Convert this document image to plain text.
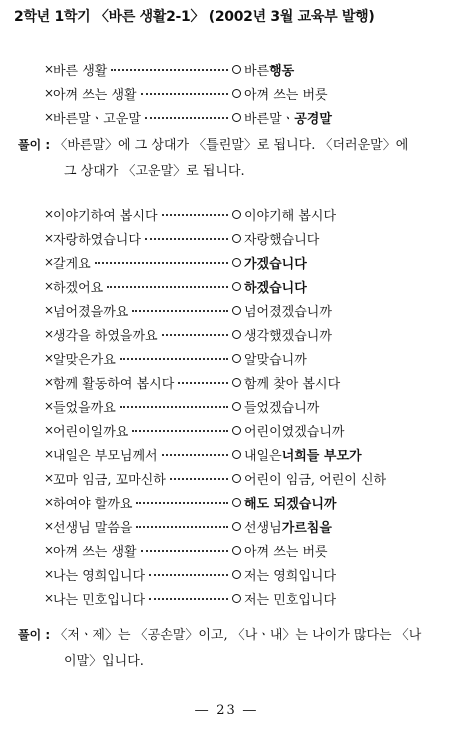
2학년 1학기 〈바른 생활2-1〉 (2002년 3월 교육부 발행)
×
바른 생활	바른 행동
×
아껴 쓰는 생활	아껴 쓰는 버릇
×
바른말ㆍ고운말	바른말ㆍ 공경말
풀이 : 〈바른말〉에 그 상대가 〈틀린말〉로 됩니다. 〈더러운말〉에
그 상대가 〈고운말〉로 됩니다.
×
이야기하여 봅시다	이야기해 봅시다
×
자랑하였습니다	자랑했습니다
×
갈게요	가겠습니다
×
하겠어요	하겠습니다
×
넘어졌을까요	넘어졌겠습니까
×
생각을 하였을까요	생각했겠습니까
×
알맞은가요	알맞습니까
×
함께 활동하여 봅시다	함께 찾아 봅시다
×
들었을까요	들었겠습니까
×
어린이일까요	어린이였겠습니까
×
내일은 부모님께서	내일은 너희들 부모가
×
꼬마 임금, 꼬마신하	어린이 임금, 어린이 신하
×
하여야 할까요	해도 되겠습니까
×
선생님 말씀을	선생님 가르침을
×
아껴 쓰는 생활	아껴 쓰는 버릇
×
나는 영희입니다	저는 영희입니다
×
나는 민호입니다	저는 민호입니다
풀이 : 〈저ㆍ제〉는 〈공손말〉이고, 〈나ㆍ내〉는 나이가 많다는 〈나
이말〉입니다.
― 23 ―
